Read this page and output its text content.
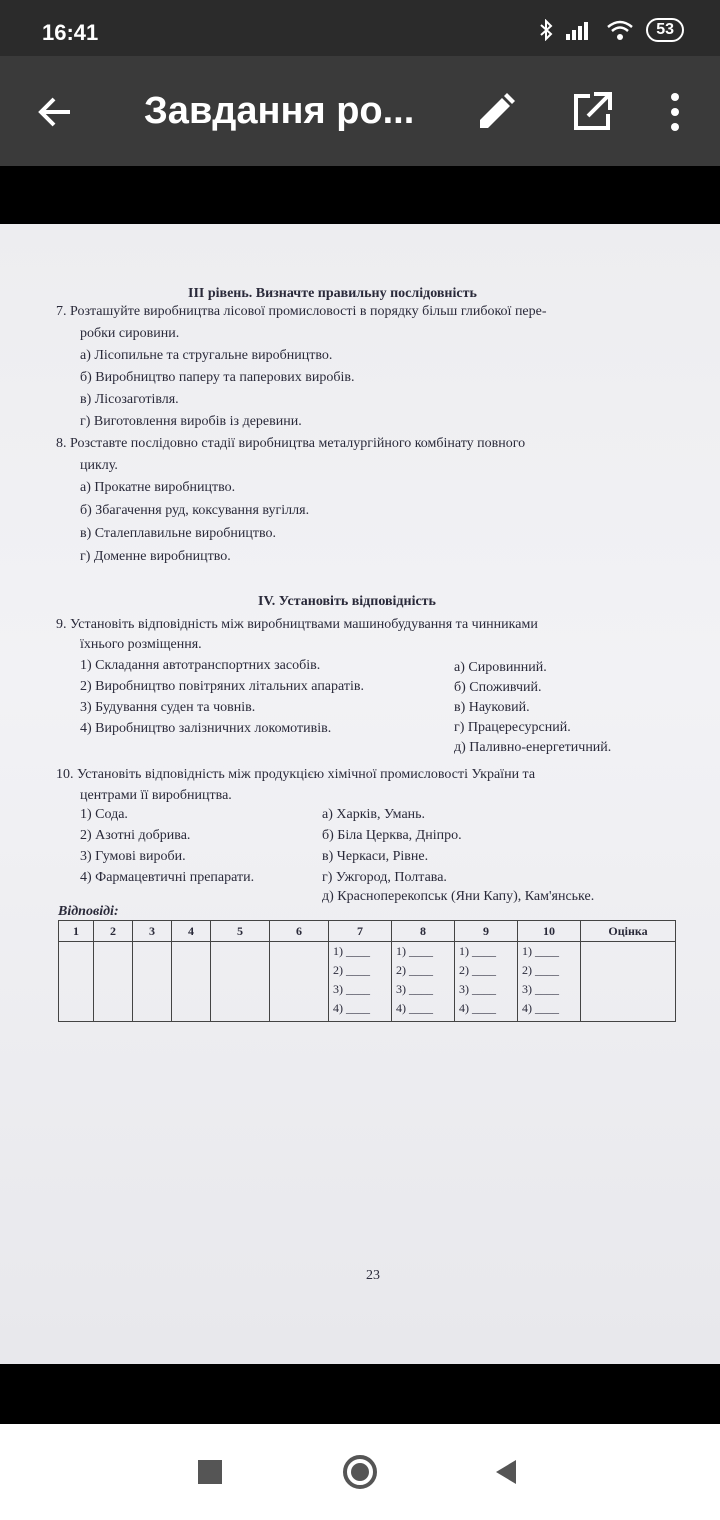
16:41	53
Завдання ро...
ІІІ рівень. Визначте правильну послідовність
7. Розташуйте виробництва лісової промисловості в порядку більш глибокої пере-
робки сировини.
а) Лісопильне та стругальне виробництво.
б) Виробництво паперу та паперових виробів.
в) Лісозаготівля.
г) Виготовлення виробів із деревини.
8. Розставте послідовно стадії виробництва металургійного комбінату повного
циклу.
а) Прокатне виробництво.
б) Збагачення руд, коксування вугілля.
в) Сталеплавильне виробництво.
г) Доменне виробництво.
IV. Установіть відповідність
9. Установіть відповідність між виробництвами машинобудування та чинниками
їхнього розміщення.
1) Складання автотранспортних засобів.
2) Виробництво повітряних літальних апаратів.
3) Будування суден та човнів.
4) Виробництво залізничних локомотивів.
а) Сировинний.
б) Споживчий.
в) Науковий.
г) Працересурсний.
д) Паливно-енергетичний.
10. Установіть відповідність між продукцією хімічної промисловості України та
центрами її виробництва.
1) Сода.
2) Азотні добрива.
3) Гумові вироби.
4) Фармацевтичні препарати.
а) Харків, Умань.
б) Біла Церква, Дніпро.
в) Черкаси, Рівне.
г) Ужгород, Полтава.
д) Красноперекопськ (Яни Капу), Кам'янське.
Відповіді:
1	2	3	4	5	6	7	8	9	10	Оцінка

						1) ____
2) ____
3) ____
4) ____	1) ____
2) ____
3) ____
4) ____	1) ____
2) ____
3) ____
4) ____	1) ____
2) ____
3) ____
4) ____	

23
